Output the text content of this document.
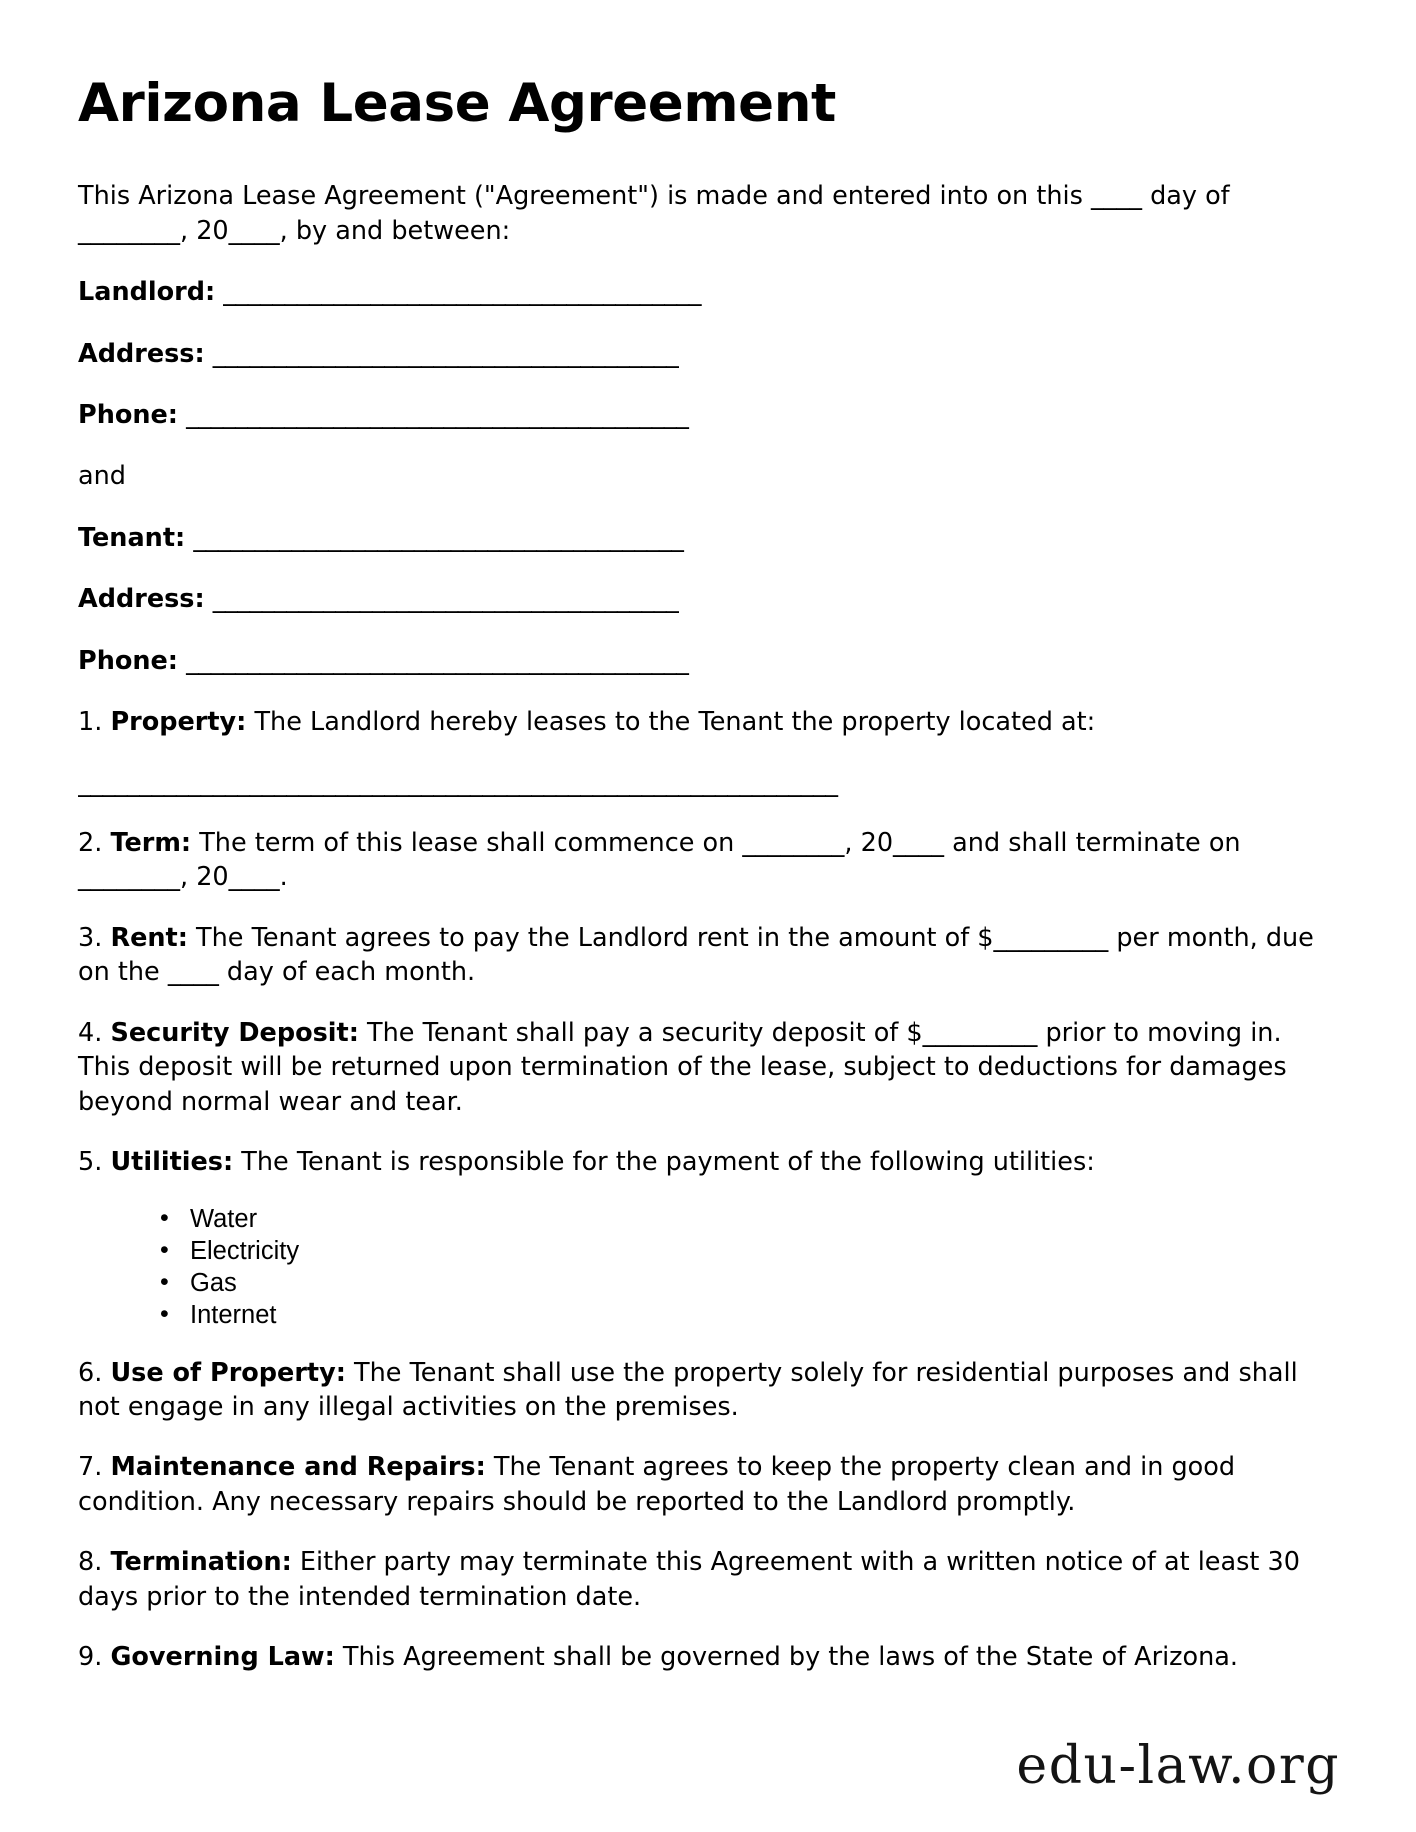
Arizona Lease Agreement

This Arizona Lease Agreement ("Agreement") is made and entered into on this ____ day of ________, 20____, by and between:

Landlord: _______________________________________
Address: ______________________________________
Phone: _________________________________________
and
Tenant: ________________________________________
Address: ______________________________________
Phone: _________________________________________

1. Property: The Landlord hereby leases to the Tenant the property located at:

______________________________________________________________

2. Term: The term of this lease shall commence on ________, 20____ and shall terminate on ________, 20____.

3. Rent: The Tenant agrees to pay the Landlord rent in the amount of $_________ per month, due on the ____ day of each month.

4. Security Deposit: The Tenant shall pay a security deposit of $_________ prior to moving in. This deposit will be returned upon termination of the lease, subject to deductions for damages beyond normal wear and tear.

5. Utilities: The Tenant is responsible for the payment of the following utilities:

• Water
• Electricity
• Gas
• Internet

6. Use of Property: The Tenant shall use the property solely for residential purposes and shall not engage in any illegal activities on the premises.

7. Maintenance and Repairs: The Tenant agrees to keep the property clean and in good condition. Any necessary repairs should be reported to the Landlord promptly.

8. Termination: Either party may terminate this Agreement with a written notice of at least 30 days prior to the intended termination date.

9. Governing Law: This Agreement shall be governed by the laws of the State of Arizona.

edu-law.org
